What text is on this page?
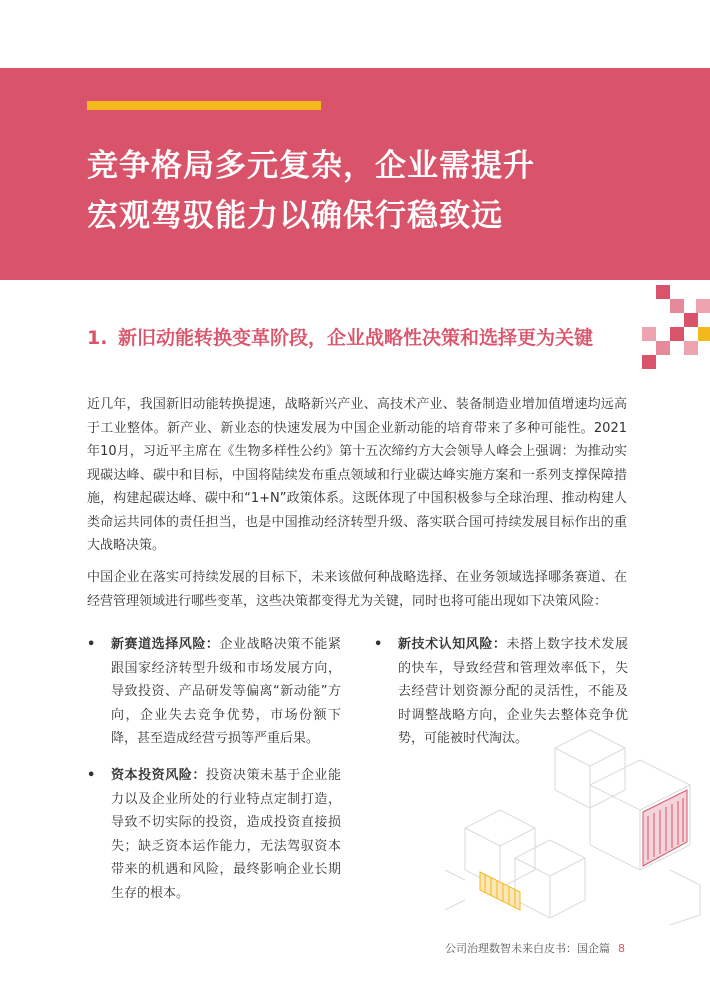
竞争格局多元复杂，企业需提升
宏观驾驭能力以确保行稳致远
1. 新旧动能转换变革阶段，企业战略性决策和选择更为关键

近几年，我国新旧动能转换提速，战略新兴产业、高技术产业、装备制造业增加值增速均远高于工业整体。新产业、新业态的快速发展为中国企业新动能的培育带来了多种可能性。2021年10月，习近平主席在《生物多样性公约》第十五次缔约方大会领导人峰会上强调：为推动实现碳达峰、碳中和目标，中国将陆续发布重点领域和行业碳达峰实施方案和一系列支撑保障措施，构建起碳达峰、碳中和“1+N”政策体系。这既体现了中国积极参与全球治理、推动构建人类命运共同体的责任担当，也是中国推动经济转型升级、落实联合国可持续发展目标作出的重大战略决策。

中国企业在落实可持续发展的目标下，未来该做何种战略选择、在业务领域选择哪条赛道、在经营管理领域进行哪些变革，这些决策都变得尤为关键，同时也将可能出现如下决策风险：

• 新赛道选择风险：企业战略决策不能紧跟国家经济转型升级和市场发展方向，导致投资、产品研发等偏离“新动能”方向，企业失去竞争优势，市场份额下降，甚至造成经营亏损等严重后果。
• 新技术认知风险：未搭上数字技术发展的快车，导致经营和管理效率低下，失去经营计划资源分配的灵活性，不能及时调整战略方向，企业失去整体竞争优势，可能被时代淘汰。
• 资本投资风险：投资决策未基于企业能力以及企业所处的行业特点定制打造，导致不切实际的投资，造成投资直接损失；缺乏资本运作能力，无法驾驭资本带来的机遇和风险，最终影响企业长期生存的根本。
公司治理数智未来白皮书：国企篇 8
